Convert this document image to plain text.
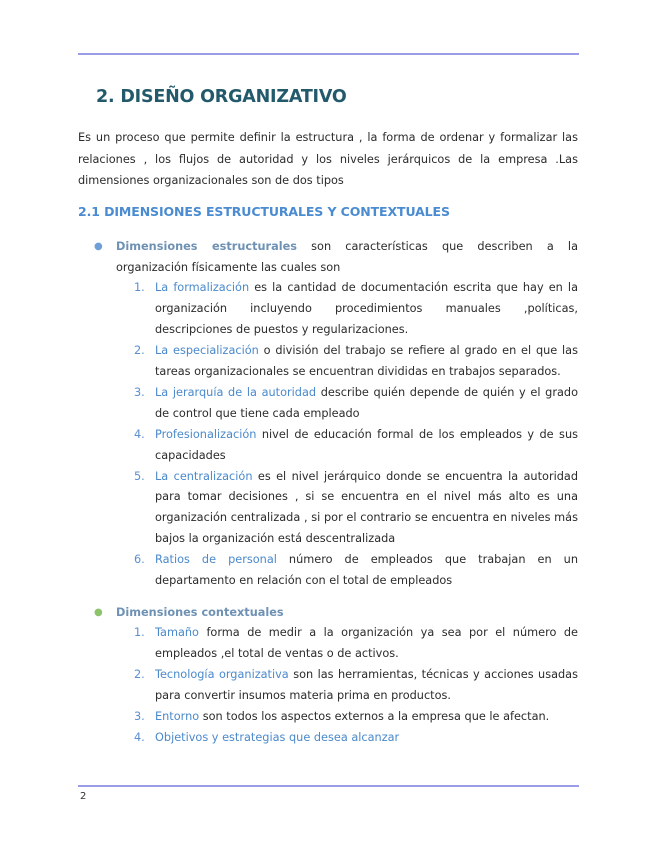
2. DISEÑO ORGANIZATIVO
Es un proceso que permite definir la estructura , la forma de ordenar y formalizar las relaciones , los flujos de autoridad y los niveles jerárquicos de la empresa .Las dimensiones organizacionales son de dos tipos
2.1 DIMENSIONES ESTRUCTURALES Y CONTEXTUALES
● Dimensiones estructurales son características que describen a la organización físicamente las cuales son
1. La formalización es la cantidad de documentación escrita que hay en la organización incluyendo procedimientos manuales ,políticas, descripciones de puestos y regularizaciones.
2. La especialización o división del trabajo se refiere al grado en el que las tareas organizacionales se encuentran divididas en trabajos separados.
3. La jerarquía de la autoridad describe quién depende de quién y el grado de control que tiene cada empleado
4. Profesionalización nivel de educación formal de los empleados y de sus capacidades
5. La centralización es el nivel jerárquico donde se encuentra la autoridad para tomar decisiones , si se encuentra en el nivel más alto es una organización centralizada , si por el contrario se encuentra en niveles más bajos la organización está descentralizada
6. Ratios de personal número de empleados que trabajan en un departamento en relación con el total de empleados
● Dimensiones contextuales
1. Tamaño forma de medir a la organización ya sea por el número de empleados ,el total de ventas o de activos.
2. Tecnología organizativa son las herramientas, técnicas y acciones usadas para convertir insumos materia prima en productos.
3. Entorno son todos los aspectos externos a la empresa que le afectan.
4. Objetivos y estrategias que desea alcanzar
2
